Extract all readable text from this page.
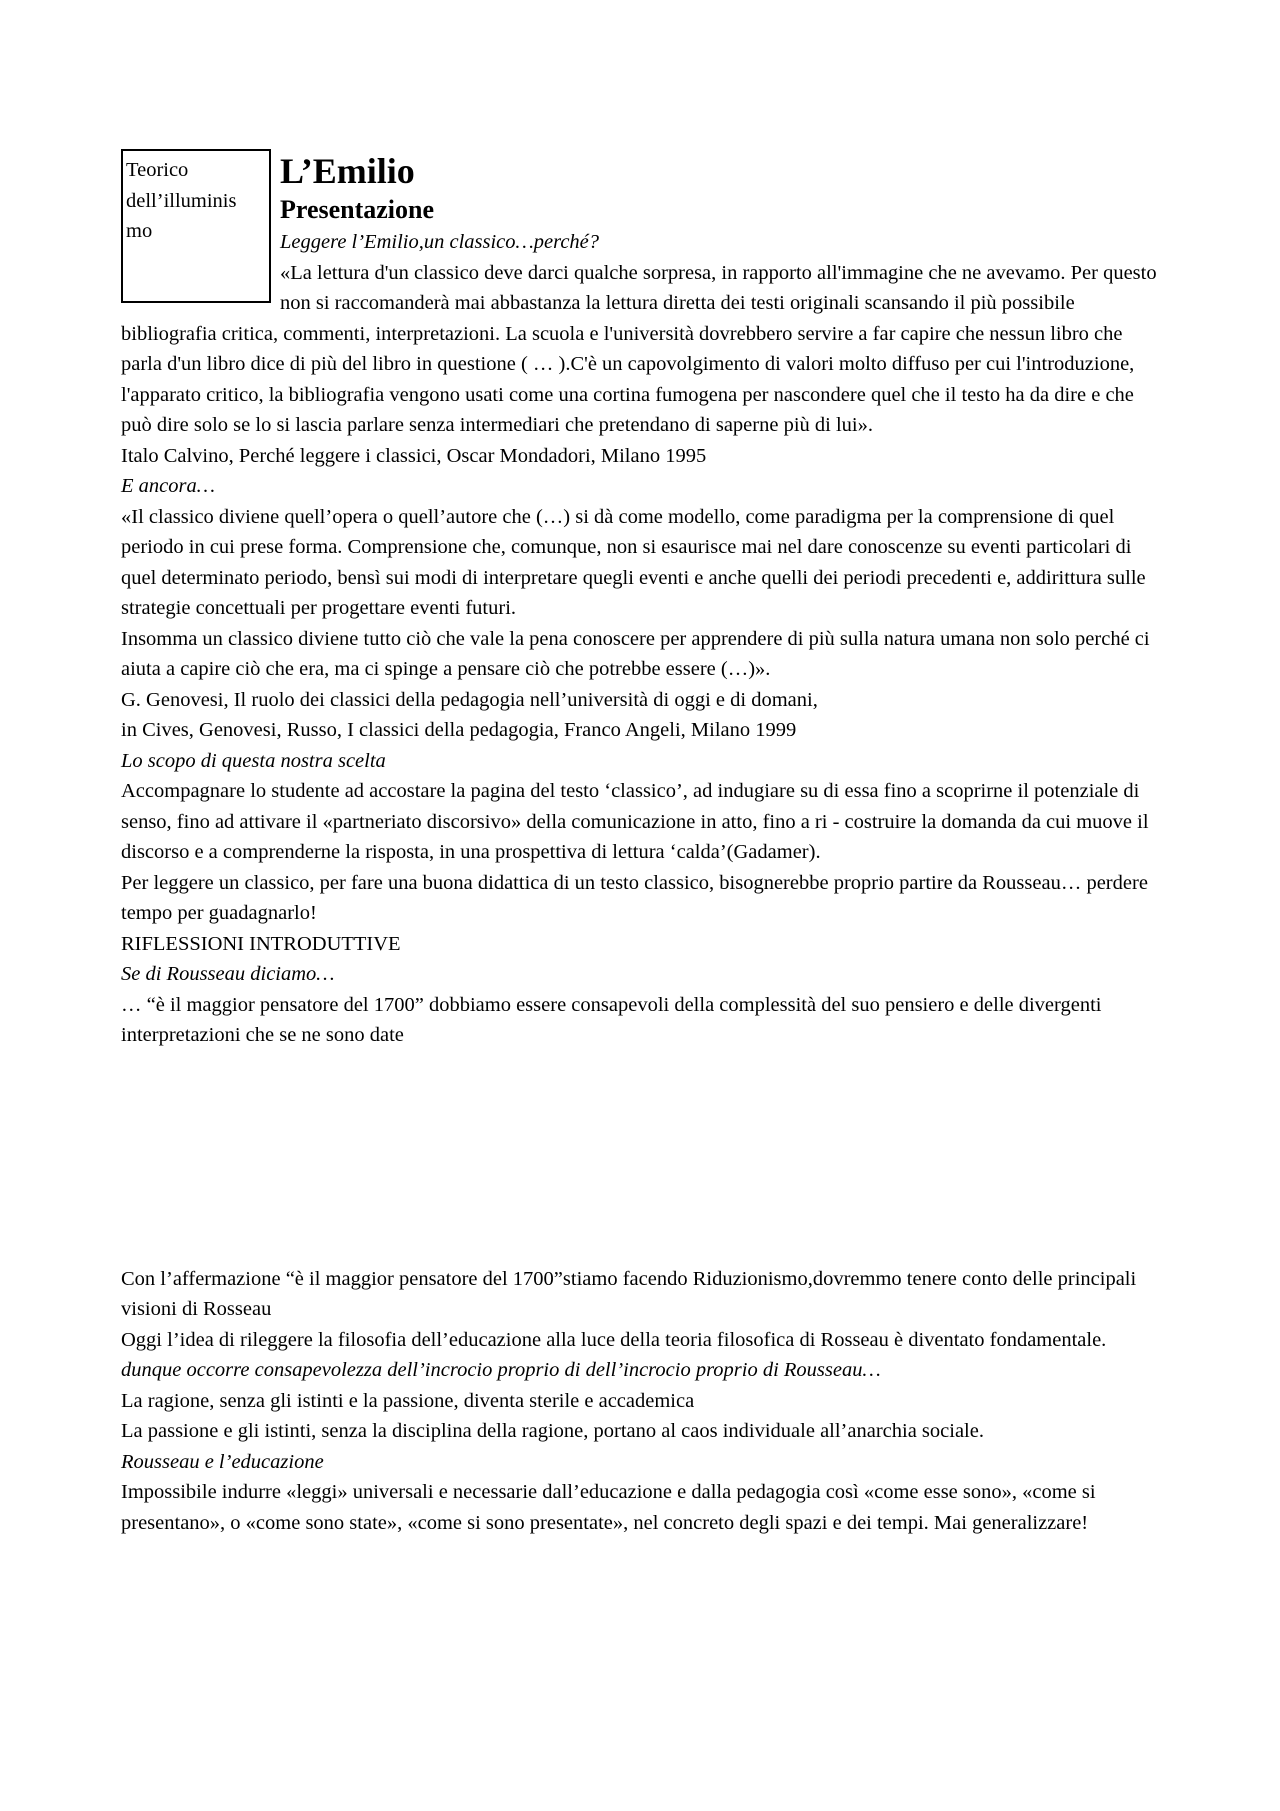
Teorico dell’illuminis mo
L’Emilio
Presentazione

Leggere l’Emilio,un classico…perché?

«La lettura d'un classico deve darci qualche sorpresa, in rapporto all'immagine che ne avevamo. Per questo non si raccomanderà mai abbastanza la lettura diretta dei testi originali scansando il più possibile bibliografia critica, commenti, interpretazioni. La scuola e l'università dovrebbero servire a far capire che nessun libro che parla d'un libro dice di più del libro in questione ( … ).C'è un capovolgimento di valori molto diffuso per cui l'introduzione, l'apparato critico, la bibliografia vengono usati come una cortina fumogena per nascondere quel che il testo ha da dire e che può dire solo se lo si lascia parlare senza intermediari che pretendano di saperne più di lui».

Italo Calvino, Perché leggere i classici, Oscar Mondadori, Milano 1995

E ancora…

«Il classico diviene quell’opera o quell’autore che (…) si dà come modello, come paradigma per la comprensione di quel periodo in cui prese forma. Comprensione che, comunque, non si esaurisce mai nel dare conoscenze su eventi particolari di quel determinato periodo, bensì sui modi di interpretare quegli eventi e anche quelli dei periodi precedenti e, addirittura sulle strategie concettuali per progettare eventi futuri.

Insomma un classico diviene tutto ciò che vale la pena conoscere per apprendere di più sulla natura umana non solo perché ci aiuta a capire ciò che era, ma ci spinge a pensare ciò che potrebbe essere (…)».

G. Genovesi, Il ruolo dei classici della pedagogia nell’università di oggi e di domani,

in Cives, Genovesi, Russo, I classici della pedagogia, Franco Angeli, Milano 1999

Lo scopo di questa nostra scelta

Accompagnare lo studente ad accostare la pagina del testo ‘classico’, ad indugiare su di essa fino a scoprirne il potenziale di senso, fino ad attivare il «partneriato discorsivo» della comunicazione in atto, fino a ri - costruire la domanda da cui muove il discorso e a comprenderne la risposta, in una prospettiva di lettura ‘calda’(Gadamer).

Per leggere un classico, per fare una buona didattica di un testo classico, bisognerebbe proprio partire da Rousseau… perdere tempo per guadagnarlo!

RIFLESSIONI INTRODUTTIVE

Se di Rousseau diciamo…

… “è il maggior pensatore del 1700” dobbiamo essere consapevoli della complessità del suo pensiero e delle divergenti interpretazioni che se ne sono date

Con l’affermazione “è il maggior pensatore del 1700”stiamo facendo Riduzionismo,dovremmo tenere conto delle principali visioni di Rosseau

Oggi l’idea di rileggere la filosofia dell’educazione alla luce della teoria filosofica di Rosseau è diventato fondamentale.

dunque occorre consapevolezza dell’incrocio proprio di dell’incrocio proprio di Rousseau…

La ragione, senza gli istinti e la passione, diventa sterile e accademica

La passione e gli istinti, senza la disciplina della ragione, portano al caos individuale all’anarchia sociale.

Rousseau e l’educazione

Impossibile indurre «leggi» universali e necessarie dall’educazione e dalla pedagogia così «come esse sono», «come si presentano», o «come sono state», «come si sono presentate», nel concreto degli spazi e dei tempi. Mai generalizzare!
